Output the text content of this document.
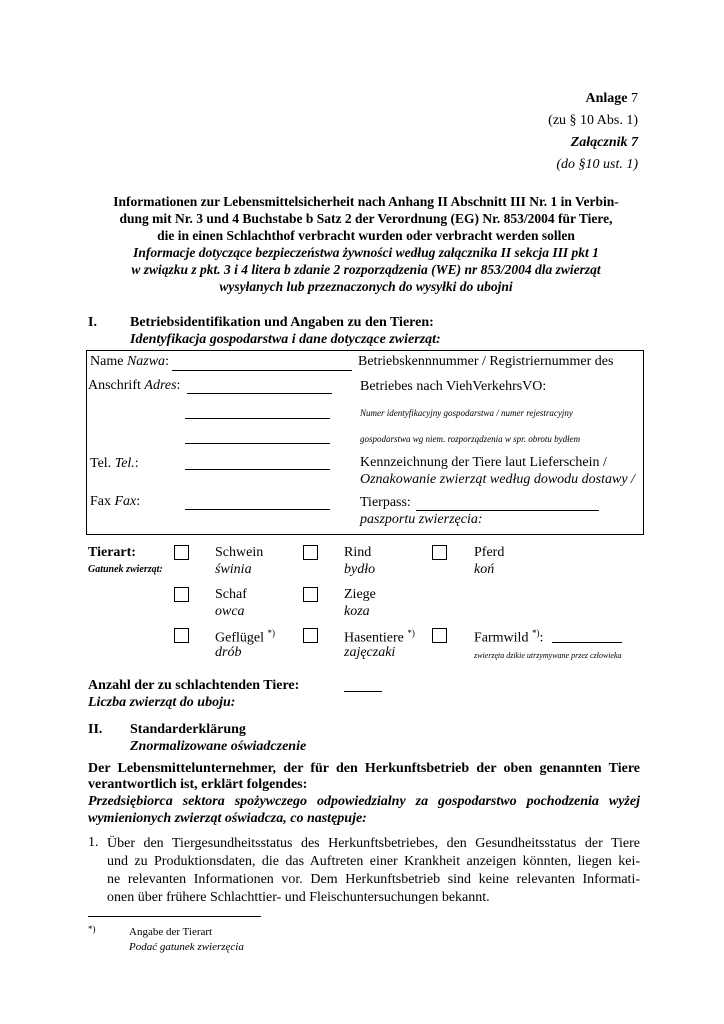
Anlage 7
(zu § 10 Abs. 1)
Załącznik 7
(do §10 ust. 1)
Informationen zur Lebensmittelsicherheit nach Anhang II Abschnitt III Nr. 1 in Verbin-
dung mit Nr. 3 und 4 Buchstabe b Satz 2 der Verordnung (EG) Nr. 853/2004 für Tiere,
die in einen Schlachthof verbracht wurden oder verbracht werden sollen
Informacje dotyczące bezpieczeństwa żywności według załącznika II sekcja III pkt 1
w związku z pkt. 3 i 4 litera b zdanie 2 rozporządzenia (WE) nr 853/2004 dla zwierząt
wysyłanych lub przeznaczonych do wysyłki do ubojni
I. Betriebsidentifikation und Angaben zu den Tieren:
Identyfikacja gospodarstwa i dane dotyczące zwierząt:
Name Nazwa:
Anschrift Adres:
Tel. Tel.:
Fax Fax:
Betriebskennnummer / Registriernummer des
Betriebes nach ViehVerkehrsVO:
Numer identyfikacyjny gospodarstwa / numer rejestracyjny
gospodarstwa wg niem. rozporządzenia w spr. obrotu bydłem
Kennzeichnung der Tiere laut Lieferschein /
Oznakowanie zwierząt według dowodu dostawy /
Tierpass:
paszportu zwierzęcia:
Tierart:
Gatunek zwierząt:
Schwein
świnia
Rind
bydło
Pferd
koń
Schaf
owca
Ziege
koza
Geflügel *)
drób
Hasentiere *)
zajęczaki
Farmwild *):
zwierzęta dzikie utrzymywane przez człowieka
Anzahl der zu schlachtenden Tiere:
Liczba zwierząt do uboju:
II. Standarderklärung
Znormalizowane oświadczenie
Der Lebensmittelunternehmer, der für den Herkunftsbetrieb der oben genannten Tiere
verantwortlich ist, erklärt folgendes:
Przedsiębiorca sektora spożywczego odpowiedzialny za gospodarstwo pochodzenia wyżej
wymienionych zwierząt oświadcza, co następuje:
1. Über den Tiergesundheitsstatus des Herkunftsbetriebes, den Gesundheitsstatus der Tiere
und zu Produktionsdaten, die das Auftreten einer Krankheit anzeigen könnten, liegen kei-
ne relevanten Informationen vor. Dem Herkunftsbetrieb sind keine relevanten Informati-
onen über frühere Schlachttier- und Fleischuntersuchungen bekannt.
*)	Angabe der Tierart
Podać gatunek zwierzęcia
